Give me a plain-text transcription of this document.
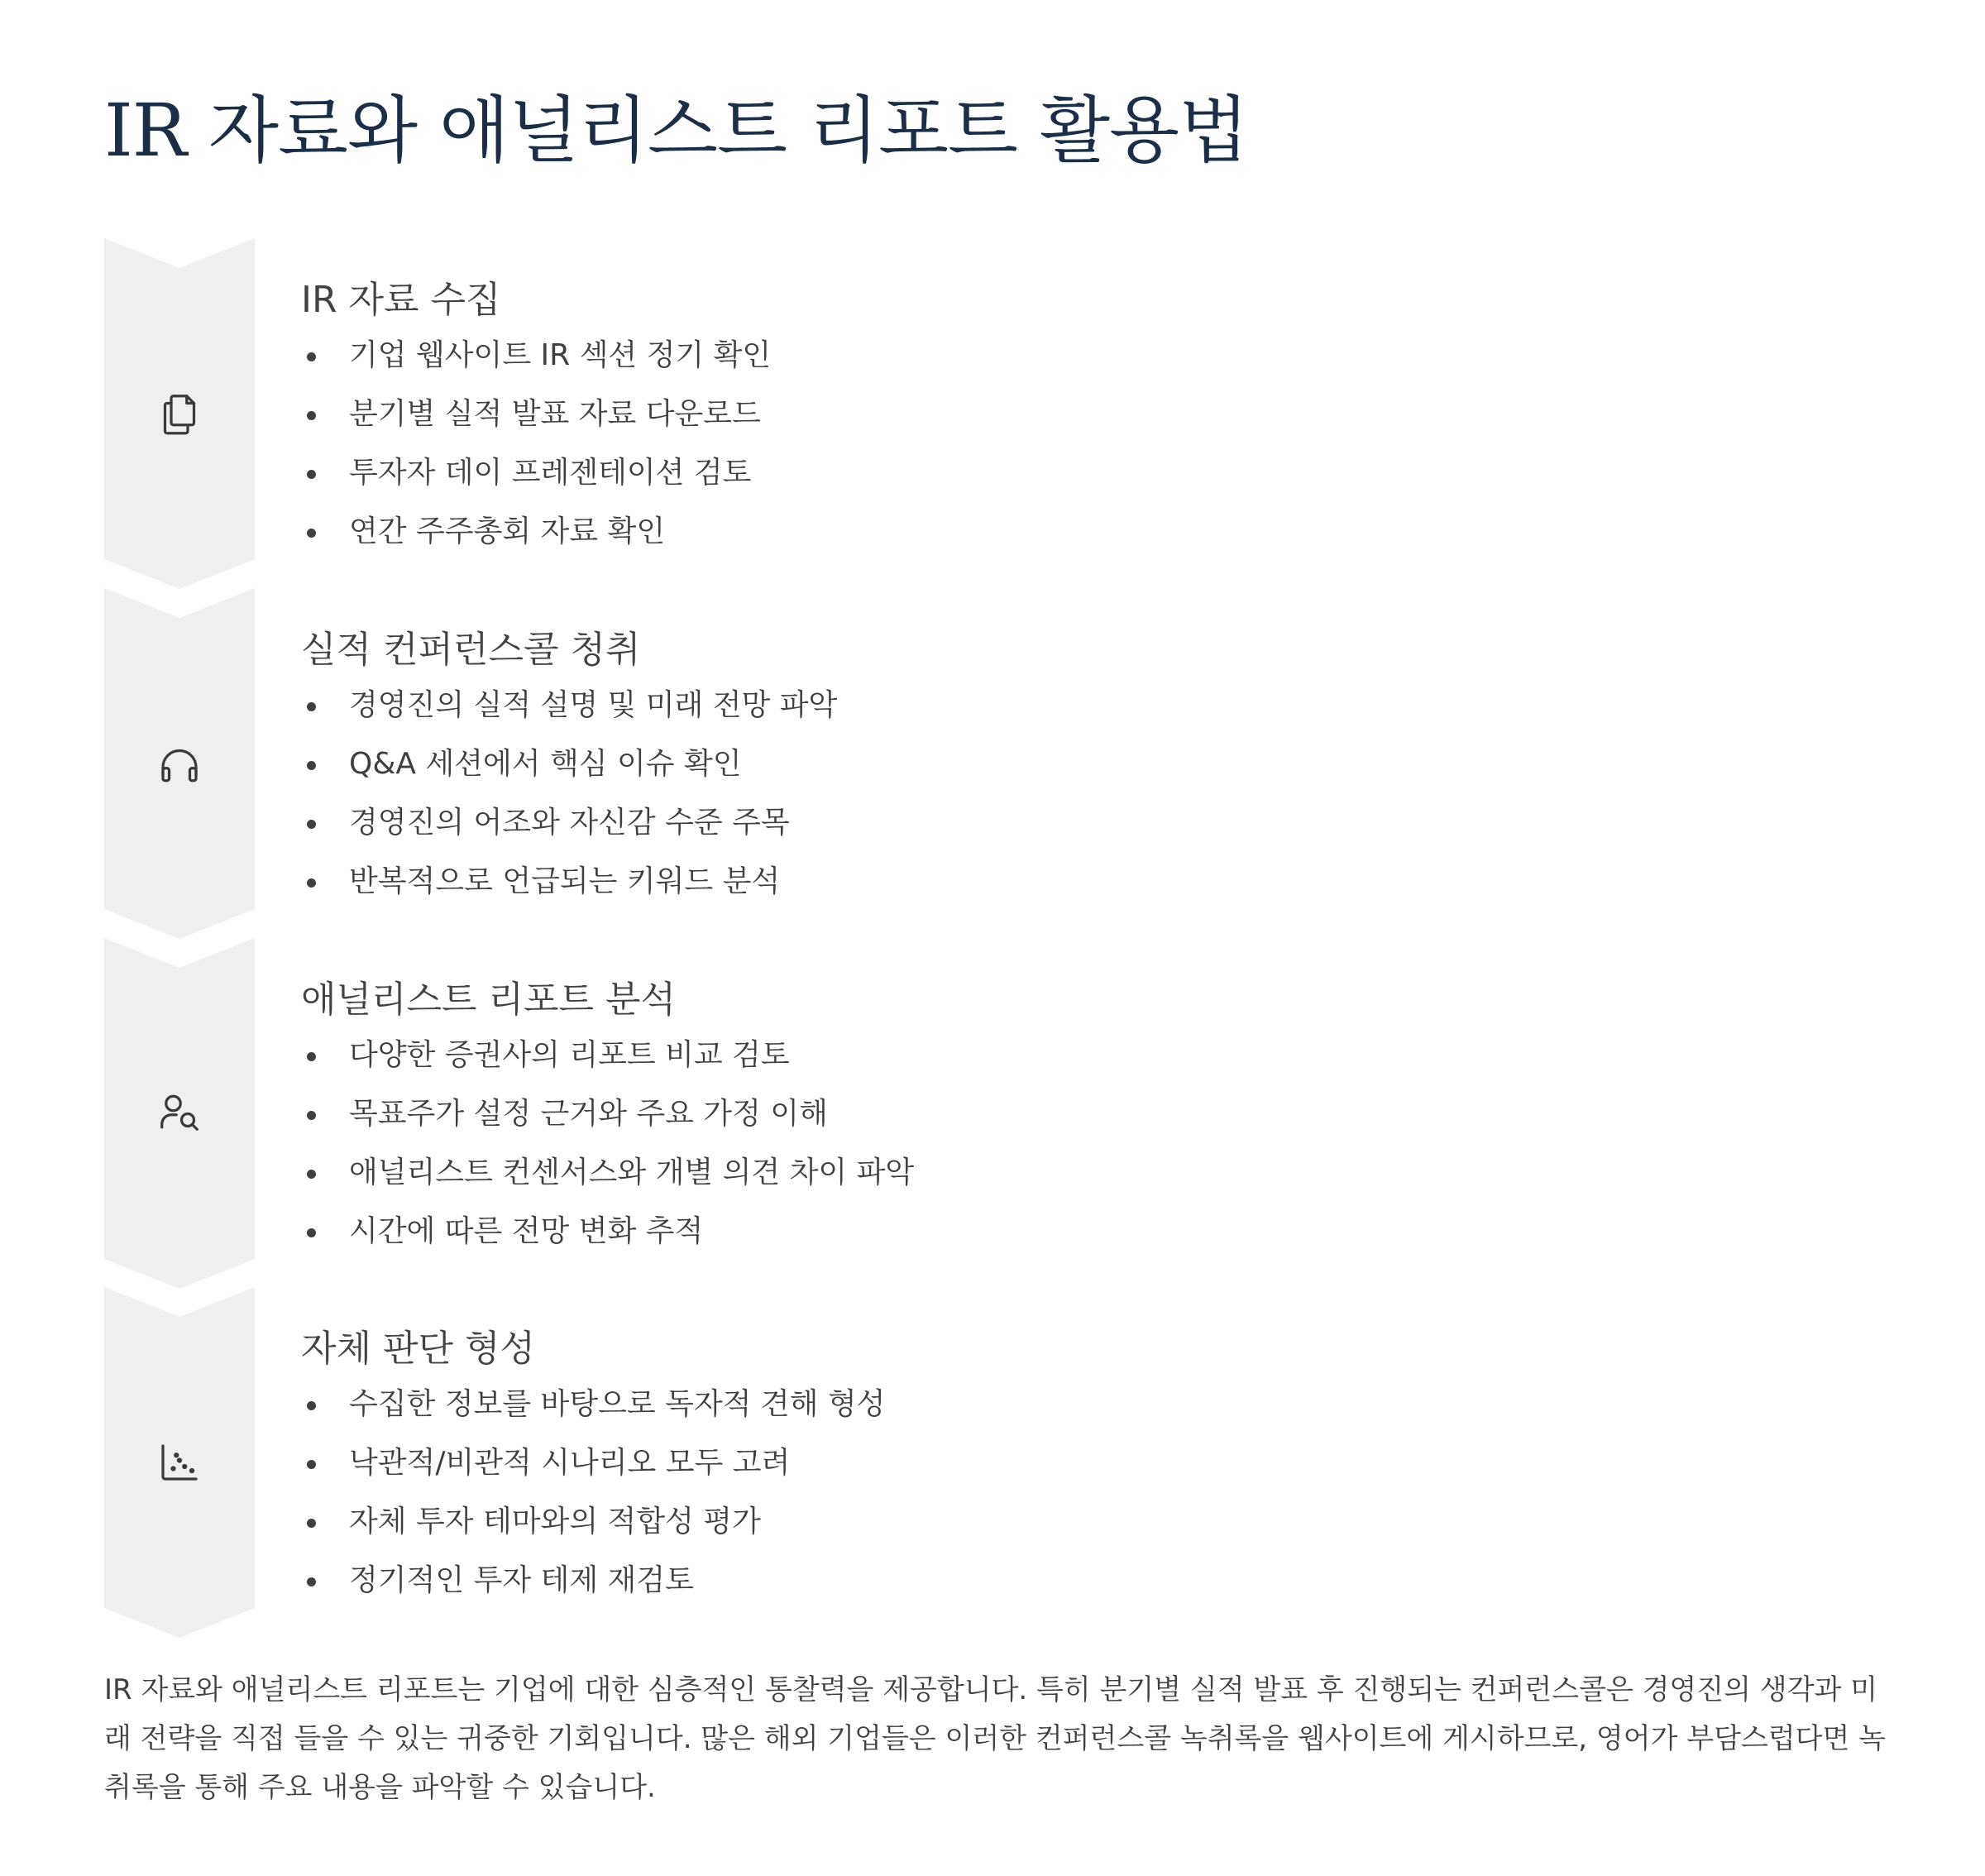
IR 자료와 애널리스트 리포트 활용법
IR 자료 수집
기업 웹사이트 IR 섹션 정기 확인
분기별 실적 발표 자료 다운로드
투자자 데이 프레젠테이션 검토
연간 주주총회 자료 확인
실적 컨퍼런스콜 청취
경영진의 실적 설명 및 미래 전망 파악
Q&A 세션에서 핵심 이슈 확인
경영진의 어조와 자신감 수준 주목
반복적으로 언급되는 키워드 분석
애널리스트 리포트 분석
다양한 증권사의 리포트 비교 검토
목표주가 설정 근거와 주요 가정 이해
애널리스트 컨센서스와 개별 의견 차이 파악
시간에 따른 전망 변화 추적
자체 판단 형성
수집한 정보를 바탕으로 독자적 견해 형성
낙관적/비관적 시나리오 모두 고려
자체 투자 테마와의 적합성 평가
정기적인 투자 테제 재검토

IR 자료와 애널리스트 리포트는 기업에 대한 심층적인 통찰력을 제공합니다. 특히 분기별 실적 발표 후 진행되는 컨퍼런스콜은 경영진의 생각과 미래 전략을 직접 들을 수 있는 귀중한 기회입니다. 많은 해외 기업들은 이러한 컨퍼런스콜 녹취록을 웹사이트에 게시하므로, 영어가 부담스럽다면 녹취록을 통해 주요 내용을 파악할 수 있습니다.
